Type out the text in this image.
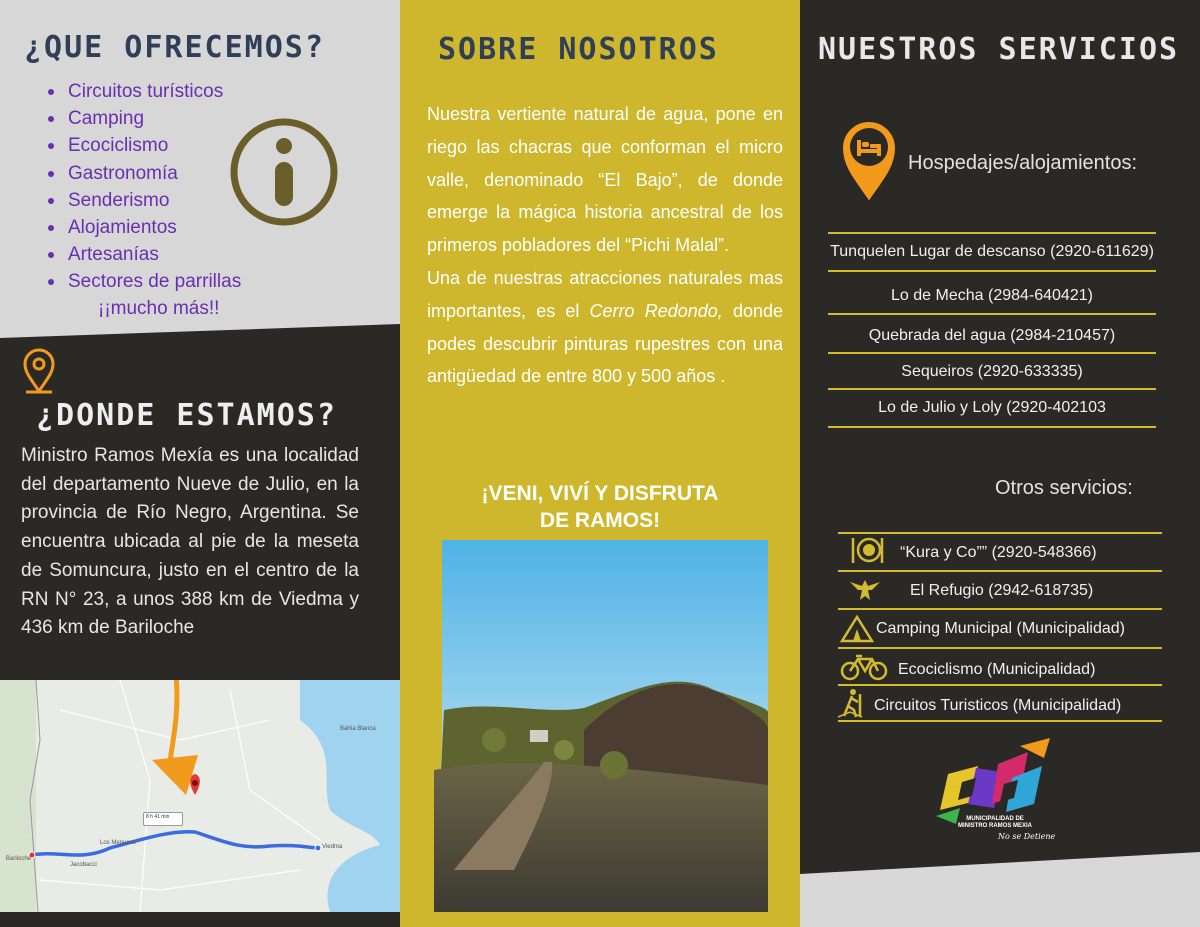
¿QUE OFRECEMOS?
Circuitos turísticos
Camping
Ecociclismo
Gastronomía
Senderismo
Alojamientos
Artesanías
Sectores de parrillas
¡¡mucho más!!
¿DONDE ESTAMOS?
Ministro Ramos Mexía es una localidad del departamento Nueve de Julio, en la provincia de Río Negro, Argentina. Se encuentra ubicada al pie de la meseta de Somuncura, justo en el centro de la RN N° 23, a unos 388 km de Viedma y 436 km de Bariloche
8 h 41 min
Bahía Blanca
Viedma
Bariloche
Los Menucos
Jacobacci
SOBRE NOSOTROS
Nuestra vertiente natural de agua, pone en riego las chacras que conforman el micro valle, denominado “El Bajo”, de donde emerge la mágica historia ancestral de los primeros pobladores del “Pichi Malal”.
Una de nuestras atracciones naturales mas importantes, es el Cerro Redondo, donde podes descubrir pinturas rupestres con una antigüedad de entre 800 y 500 años .
¡VENI, VIVÍ Y DISFRUTA DE RAMOS!
NUESTROS SERVICIOS
Hospedajes/alojamientos:
Tunquelen Lugar de descanso (2920-611629)
Lo de Mecha (2984-640421)
Quebrada del agua (2984-210457)
Sequeiros (2920-633335)
Lo de Julio y Loly (2920-402103
Otros servicios:
“Kura y Co”” (2920-548366)
El Refugio (2942-618735)
Camping Municipal (Municipalidad)
Ecociclismo (Municipalidad)
Circuitos Turisticos (Municipalidad)
MUNICIPALIDAD DE
MINISTRO RAMOS MEXIA
No se Detiene
